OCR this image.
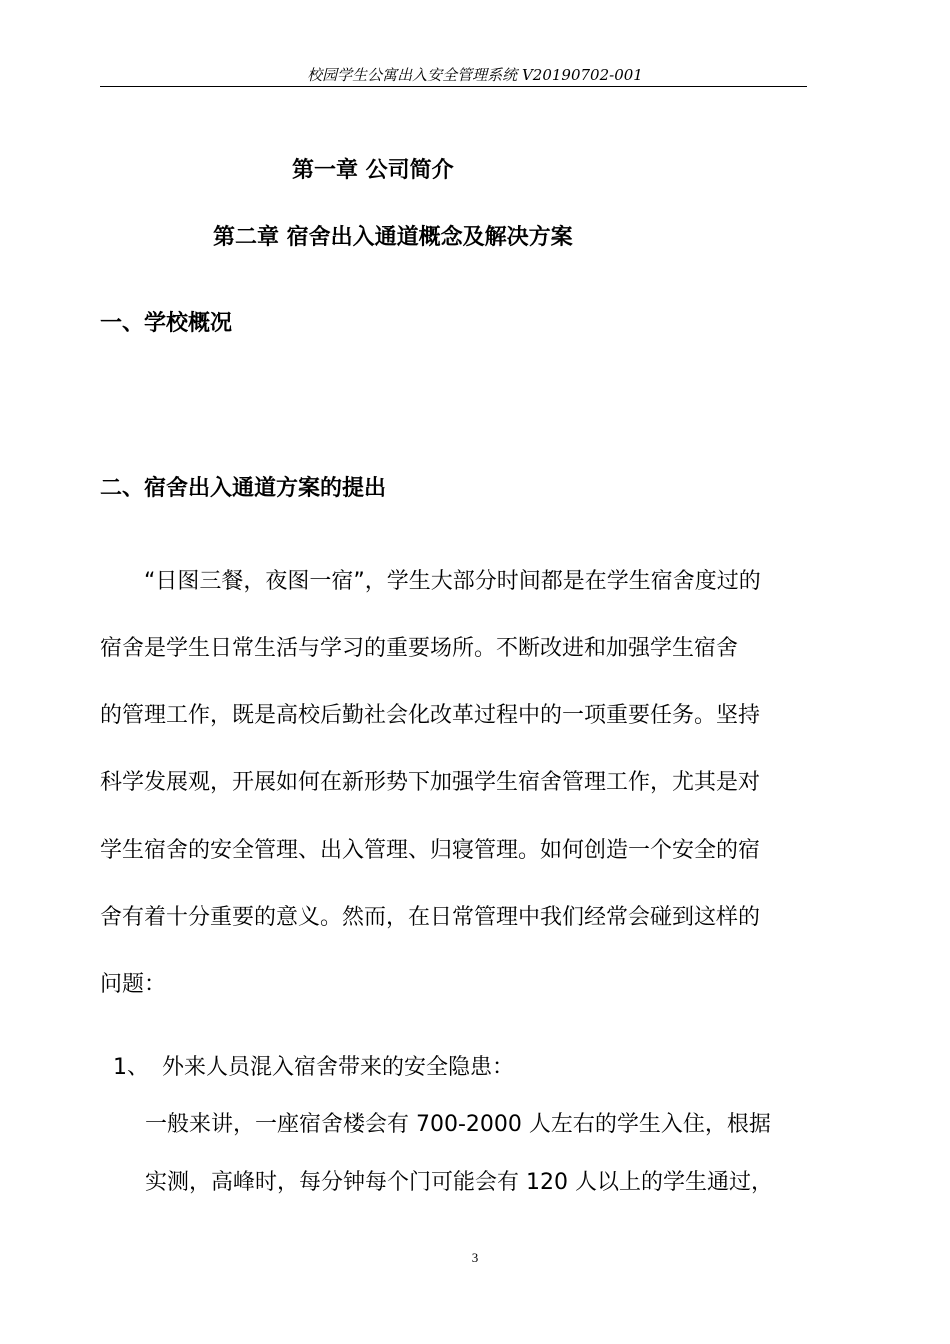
校园学生公寓出入安全管理系统 V20190702-001
第一章 公司简介
第二章 宿舍出入通道概念及解决方案
一、学校概况
二、宿舍出入通道方案的提出
“日图三餐，夜图一宿”，学生大部分时间都是在学生宿舍度过的
宿舍是学生日常生活与学习的重要场所。不断改进和加强学生宿舍
的管理工作，既是高校后勤社会化改革过程中的一项重要任务。坚持
科学发展观，开展如何在新形势下加强学生宿舍管理工作，尤其是对
学生宿舍的安全管理、出入管理、归寝管理。如何创造一个安全的宿
舍有着十分重要的意义。然而，在日常管理中我们经常会碰到这样的
问题：
1、 外来人员混入宿舍带来的安全隐患：
一般来讲，一座宿舍楼会有 700-2000 人左右的学生入住，根据
实测，高峰时，每分钟每个门可能会有 120 人以上的学生通过，
3
